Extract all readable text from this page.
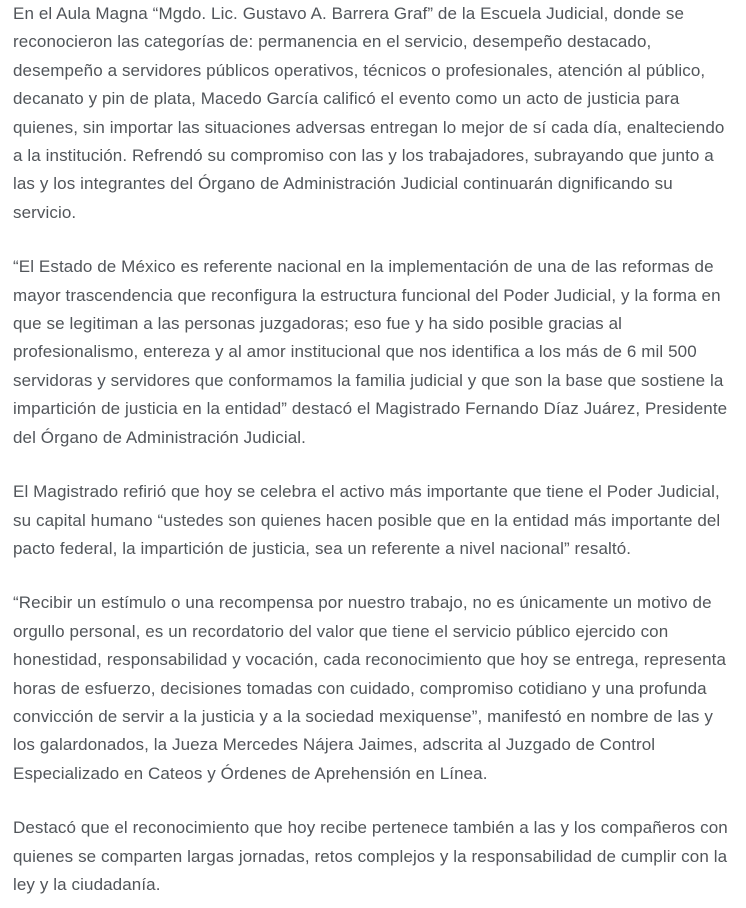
En el Aula Magna “Mgdo. Lic. Gustavo A. Barrera Graf” de la Escuela Judicial, donde se reconocieron las categorías de: permanencia en el servicio, desempeño destacado, desempeño a servidores públicos operativos, técnicos o profesionales, atención al público, decanato y pin de plata, Macedo García calificó el evento como un acto de justicia para quienes, sin importar las situaciones adversas entregan lo mejor de sí cada día, enalteciendo a la institución. Refrendó su compromiso con las y los trabajadores, subrayando que junto a las y los integrantes del Órgano de Administración Judicial continuarán dignificando su servicio.

“El Estado de México es referente nacional en la implementación de una de las reformas de mayor trascendencia que reconfigura la estructura funcional del Poder Judicial, y la forma en que se legitiman a las personas juzgadoras; eso fue y ha sido posible gracias al profesionalismo, entereza y al amor institucional que nos identifica a los más de 6 mil 500 servidoras y servidores que conformamos la familia judicial y que son la base que sostiene la impartición de justicia en la entidad” destacó el Magistrado Fernando Díaz Juárez, Presidente del Órgano de Administración Judicial.

El Magistrado refirió que hoy se celebra el activo más importante que tiene el Poder Judicial, su capital humano “ustedes son quienes hacen posible que en la entidad más importante del pacto federal, la impartición de justicia, sea un referente a nivel nacional” resaltó.

“Recibir un estímulo o una recompensa por nuestro trabajo, no es únicamente un motivo de orgullo personal, es un recordatorio del valor que tiene el servicio público ejercido con honestidad, responsabilidad y vocación, cada reconocimiento que hoy se entrega, representa horas de esfuerzo, decisiones tomadas con cuidado, compromiso cotidiano y una profunda convicción de servir a la justicia y a la sociedad mexiquense”, manifestó en nombre de las y los galardonados, la Jueza Mercedes Nájera Jaimes, adscrita al Juzgado de Control Especializado en Cateos y Órdenes de Aprehensión en Línea.

Destacó que el reconocimiento que hoy recibe pertenece también a las y los compañeros con quienes se comparten largas jornadas, retos complejos y la responsabilidad de cumplir con la ley y la ciudadanía.
